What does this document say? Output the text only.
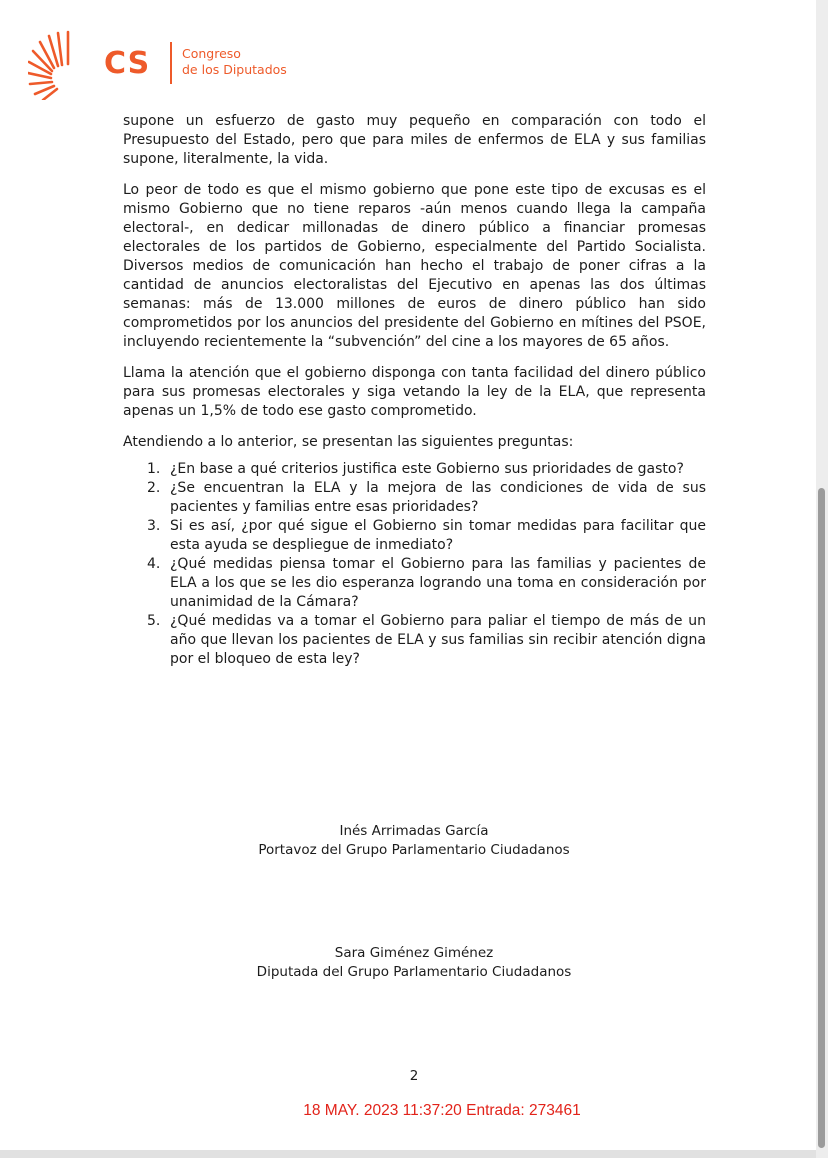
CS	Congreso
de los Diputados

supone un esfuerzo de gasto muy pequeño en comparación con todo el Presupuesto del Estado, pero que para miles de enfermos de ELA y sus familias supone, literalmente, la vida.

Lo peor de todo es que el mismo gobierno que pone este tipo de excusas es el mismo Gobierno que no tiene reparos -aún menos cuando llega la campaña electoral-, en dedicar millonadas de dinero público a financiar promesas electorales de los partidos de Gobierno, especialmente del Partido Socialista. Diversos medios de comunicación han hecho el trabajo de poner cifras a la cantidad de anuncios electoralistas del Ejecutivo en apenas las dos últimas semanas: más de 13.000 millones de euros de dinero público han sido comprometidos por los anuncios del presidente del Gobierno en mítines del PSOE, incluyendo recientemente la “subvención” del cine a los mayores de 65 años.

Llama la atención que el gobierno disponga con tanta facilidad del dinero público para sus promesas electorales y siga vetando la ley de la ELA, que representa apenas un 1,5% de todo ese gasto comprometido.

Atendiendo a lo anterior, se presentan las siguientes preguntas:

1. ¿En base a qué criterios justifica este Gobierno sus prioridades de gasto?
2. ¿Se encuentran la ELA y la mejora de las condiciones de vida de sus pacientes y familias entre esas prioridades?
3. Si es así, ¿por qué sigue el Gobierno sin tomar medidas para facilitar que esta ayuda se despliegue de inmediato?
4. ¿Qué medidas piensa tomar el Gobierno para las familias y pacientes de ELA a los que se les dio esperanza logrando una toma en consideración por unanimidad de la Cámara?
5. ¿Qué medidas va a tomar el Gobierno para paliar el tiempo de más de un año que llevan los pacientes de ELA y sus familias sin recibir atención digna por el bloqueo de esta ley?
Inés Arrimadas García
Portavoz del Grupo Parlamentario Ciudadanos
Sara Giménez Giménez
Diputada del Grupo Parlamentario Ciudadanos
2
18 MAY. 2023 11:37:20 Entrada: 273461
